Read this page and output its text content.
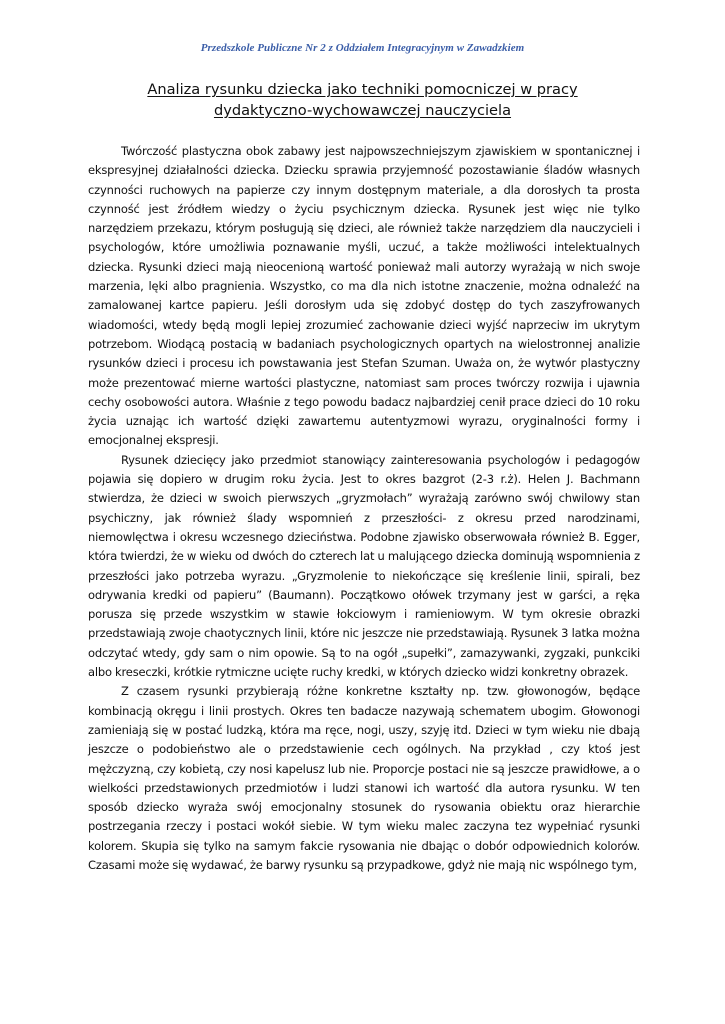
Przedszkole Publiczne Nr 2 z Oddziałem Integracyjnym w Zawadzkiem
Analiza rysunku dziecka jako techniki pomocniczej w pracy
dydaktyczno-wychowawczej nauczyciela

Twórczość plastyczna obok zabawy jest najpowszechniejszym zjawiskiem w spontanicznej i ekspresyjnej działalności dziecka. Dziecku sprawia przyjemność pozostawianie śladów własnych czynności ruchowych na papierze czy innym dostępnym materiale, a dla dorosłych ta prosta czynność jest źródłem wiedzy o życiu psychicznym dziecka. Rysunek jest więc nie tylko narzędziem przekazu, którym posługują się dzieci, ale również także narzędziem dla nauczycieli i psychologów, które umożliwia poznawanie myśli, uczuć, a także możliwości intelektualnych dziecka. Rysunki dzieci mają nieocenioną wartość ponieważ mali autorzy wyrażają w nich swoje marzenia, lęki albo pragnienia. Wszystko, co ma dla nich istotne znaczenie, można odnaleźć na zamalowanej kartce papieru. Jeśli dorosłym uda się zdobyć dostęp do tych zaszyfrowanych wiadomości, wtedy będą mogli lepiej zrozumieć zachowanie dzieci wyjść naprzeciw im ukrytym potrzebom. Wiodącą postacią w badaniach psychologicznych opartych na wielostronnej analizie rysunków dzieci i procesu ich powstawania jest Stefan Szuman. Uważa on, że wytwór plastyczny może prezentować mierne wartości plastyczne, natomiast sam proces twórczy rozwija i ujawnia cechy osobowości autora. Właśnie z tego powodu badacz najbardziej cenił prace dzieci do 10 roku życia uznając ich wartość dzięki zawartemu autentyzmowi wyrazu, oryginalności formy i emocjonalnej ekspresji.

Rysunek dziecięcy jako przedmiot stanowiący zainteresowania psychologów i pedagogów pojawia się dopiero w drugim roku życia. Jest to okres bazgrot (2-3 r.ż). Helen J. Bachmann stwierdza, że dzieci w swoich pierwszych „gryzmołach” wyrażają zarówno swój chwilowy stan psychiczny, jak również ślady wspomnień z przeszłości- z okresu przed narodzinami, niemowlęctwa i okresu wczesnego dzieciństwa. Podobne zjawisko obserwowała również B. Egger, która twierdzi, że w wieku od dwóch do czterech lat u malującego dziecka dominują wspomnienia z przeszłości jako potrzeba wyrazu. „Gryzmolenie to niekończące się kreślenie linii, spirali, bez odrywania kredki od papieru” (Baumann). Początkowo ołówek trzymany jest w garści, a ręka porusza się przede wszystkim w stawie łokciowym i ramieniowym. W tym okresie obrazki przedstawiają zwoje chaotycznych linii, które nic jeszcze nie przedstawiają. Rysunek 3 latka można odczytać wtedy, gdy sam o nim opowie. Są to na ogół „supełki”, zamazywanki, zygzaki, punkciki albo kreseczki, krótkie rytmiczne ucięte ruchy kredki, w których dziecko widzi konkretny obrazek.

Z czasem rysunki przybierają różne konkretne kształty np. tzw. głowonogów, będące kombinacją okręgu i linii prostych. Okres ten badacze nazywają schematem ubogim. Głowonogi zamieniają się w postać ludzką, która ma ręce, nogi, uszy, szyję itd. Dzieci w tym wieku nie dbają jeszcze o podobieństwo ale o przedstawienie cech ogólnych. Na przykład , czy ktoś jest mężczyzną, czy kobietą, czy nosi kapelusz lub nie. Proporcje postaci nie są jeszcze prawidłowe, a o wielkości przedstawionych przedmiotów i ludzi stanowi ich wartość dla autora rysunku. W ten sposób dziecko wyraża swój emocjonalny stosunek do rysowania obiektu oraz hierarchie postrzegania rzeczy i postaci wokół siebie. W tym wieku malec zaczyna tez wypełniać rysunki kolorem. Skupia się tylko na samym fakcie rysowania nie dbając o dobór odpowiednich kolorów. Czasami może się wydawać, że barwy rysunku są przypadkowe, gdyż nie mają nic wspólnego tym,
